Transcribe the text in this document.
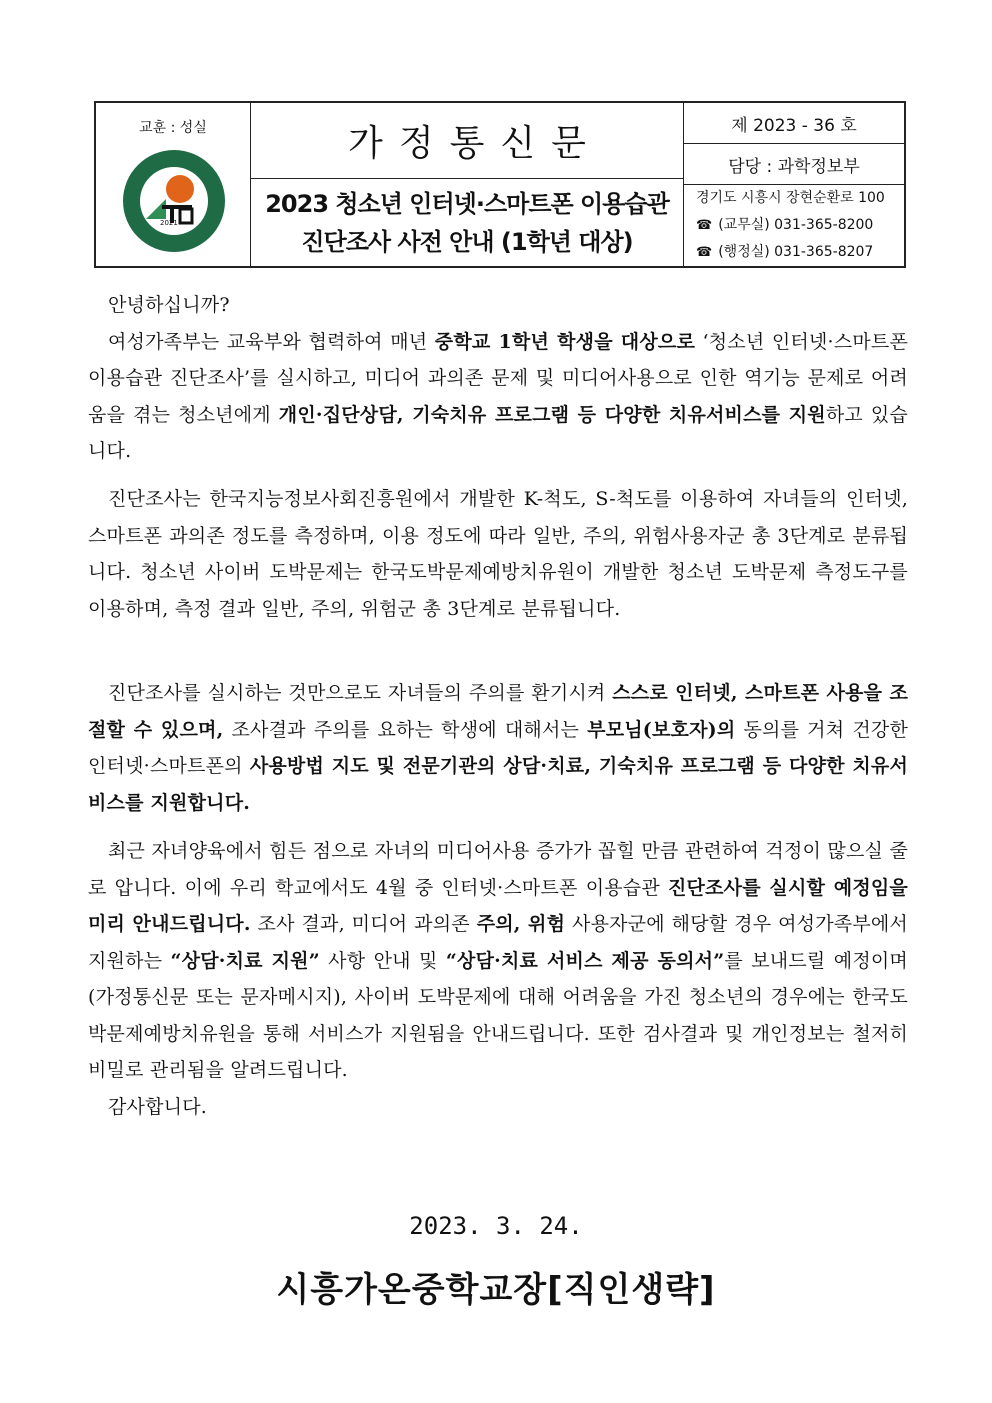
교훈 : 성실
2021
가정통신문
2023 청소년 인터넷·스마트폰 이용습관
진단조사 사전 안내 (1학년 대상)
제 2023 - 36 호
담당 : 과학정보부
경기도 시흥시 장현순환로 100
☎ (교무실) 031-365-8200
☎ (행정실) 031-365-8207

안녕하십니까?

여성가족부는 교육부와 협력하여 매년 중학교 1학년 학생을 대상으로 ‘청소년 인터넷·스마트폰 이용습관 진단조사’를 실시하고, 미디어 과의존 문제 및 미디어사용으로 인한 역기능 문제로 어려움을 겪는 청소년에게 개인·집단상담, 기숙치유 프로그램 등 다양한 치유서비스를 지원하고 있습니다.

진단조사는 한국지능정보사회진흥원에서 개발한 K-척도, S-척도를 이용하여 자녀들의 인터넷, 스마트폰 과의존 정도를 측정하며, 이용 정도에 따라 일반, 주의, 위험사용자군 총 3단계로 분류됩니다. 청소년 사이버 도박문제는 한국도박문제예방치유원이 개발한 청소년 도박문제 측정도구를 이용하며, 측정 결과 일반, 주의, 위험군 총 3단계로 분류됩니다.

진단조사를 실시하는 것만으로도 자녀들의 주의를 환기시켜 스스로 인터넷, 스마트폰 사용을 조절할 수 있으며, 조사결과 주의를 요하는 학생에 대해서는 부모님(보호자)의 동의를 거쳐 건강한 인터넷·스마트폰의 사용방법 지도 및 전문기관의 상담·치료, 기숙치유 프로그램 등 다양한 치유서비스를 지원합니다.

최근 자녀양육에서 힘든 점으로 자녀의 미디어사용 증가가 꼽힐 만큼 관련하여 걱정이 많으실 줄로 압니다. 이에 우리 학교에서도 4월 중 인터넷·스마트폰 이용습관 진단조사를 실시할 예정임을 미리 안내드립니다. 조사 결과, 미디어 과의존 주의, 위험 사용자군에 해당할 경우 여성가족부에서 지원하는 “상담·치료 지원” 사항 안내 및 “상담·치료 서비스 제공 동의서”를 보내드릴 예정이며(가정통신문 또는 문자메시지), 사이버 도박문제에 대해 어려움을 가진 청소년의 경우에는 한국도박문제예방치유원을 통해 서비스가 지원됨을 안내드립니다. 또한 검사결과 및 개인정보는 철저히 비밀로 관리됨을 알려드립니다.

감사합니다.

2023. 3. 24.
시흥가온중학교장[직인생략]
